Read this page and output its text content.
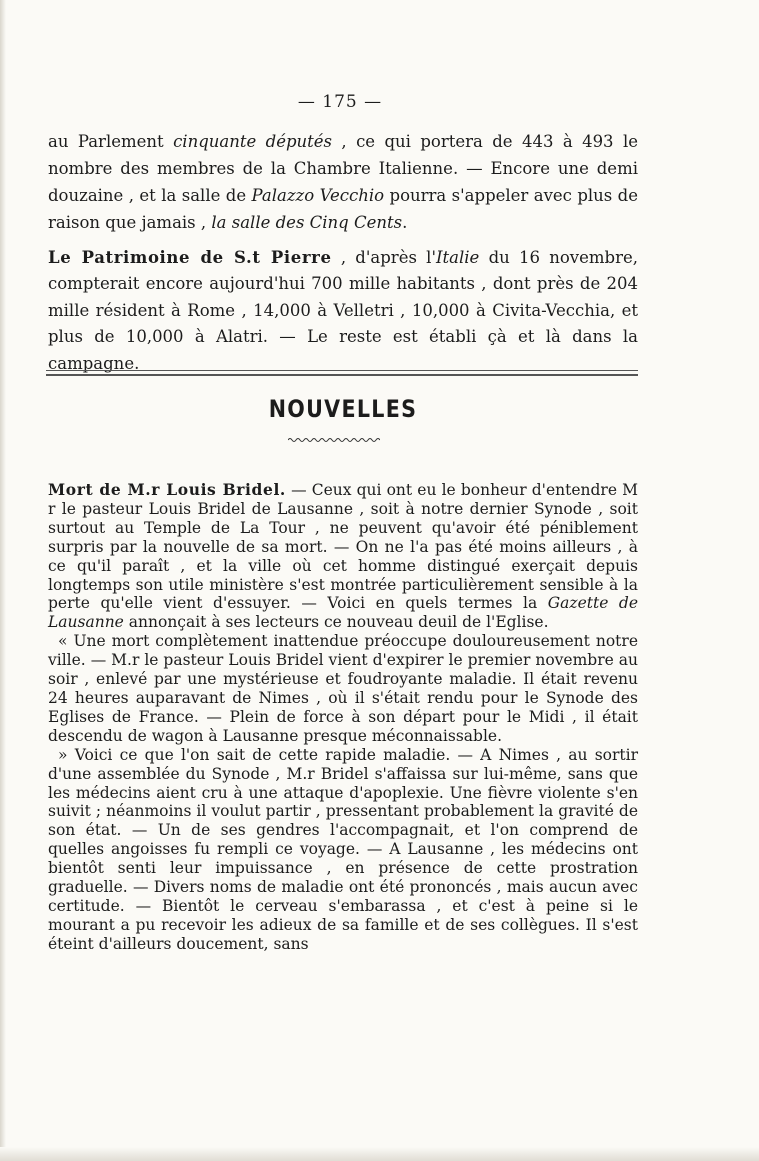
— 175 —

au Parlement cinquante députés , ce qui portera de 443 à 493 le nombre des membres de la Chambre Italienne. — Encore une demi douzaine , et la salle de Palazzo Vecchio pourra s'appeler avec plus de raison que jamais , la salle des Cinq Cents.

Le Patrimoine de S.t Pierre , d'après l'Italie du 16 novembre, compterait encore aujourd'hui 700 mille habitants , dont près de 204 mille résident à Rome , 14,000 à Velletri , 10,000 à Civita-Vecchia, et plus de 10,000 à Alatri. — Le reste est établi çà et là dans la campagne.

NOUVELLES

Mort de M.r Louis Bridel. — Ceux qui ont eu le bonheur d'entendre M r le pasteur Louis Bridel de Lausanne , soit à notre dernier Synode , soit surtout au Temple de La Tour , ne peuvent qu'avoir été péniblement surpris par la nouvelle de sa mort. — On ne l'a pas été moins ailleurs , à ce qu'il paraît , et la ville où cet homme distingué exerçait depuis longtemps son utile ministère s'est montrée particulièrement sensible à la perte qu'elle vient d'essuyer. — Voici en quels termes la Gazette de Lausanne annonçait à ses lecteurs ce nouveau deuil de l'Eglise.

« Une mort complètement inattendue préoccupe douloureusement notre ville. — M.r le pasteur Louis Bridel vient d'expirer le premier novembre au soir , enlevé par une mystérieuse et foudroyante maladie. Il était revenu 24 heures auparavant de Nimes , où il s'était rendu pour le Synode des Eglises de France. — Plein de force à son départ pour le Midi , il était descendu de wagon à Lausanne presque méconnaissable.

» Voici ce que l'on sait de cette rapide maladie. — A Nimes , au sortir d'une assemblée du Synode , M.r Bridel s'affaissa sur lui-même, sans que les médecins aient cru à une attaque d'apoplexie. Une fièvre violente s'en suivit ; néanmoins il voulut partir , pressentant probablement la gravité de son état. — Un de ses gendres l'accompagnait, et l'on comprend de quelles angoisses fu rempli ce voyage. — A Lausanne , les médecins ont bientôt senti leur impuissance , en présence de cette prostration graduelle. — Divers noms de maladie ont été prononcés , mais aucun avec certitude. — Bientôt le cerveau s'embarassa , et c'est à peine si le mourant a pu recevoir les adieux de sa famille et de ses collègues. Il s'est éteint d'ailleurs doucement, sans
